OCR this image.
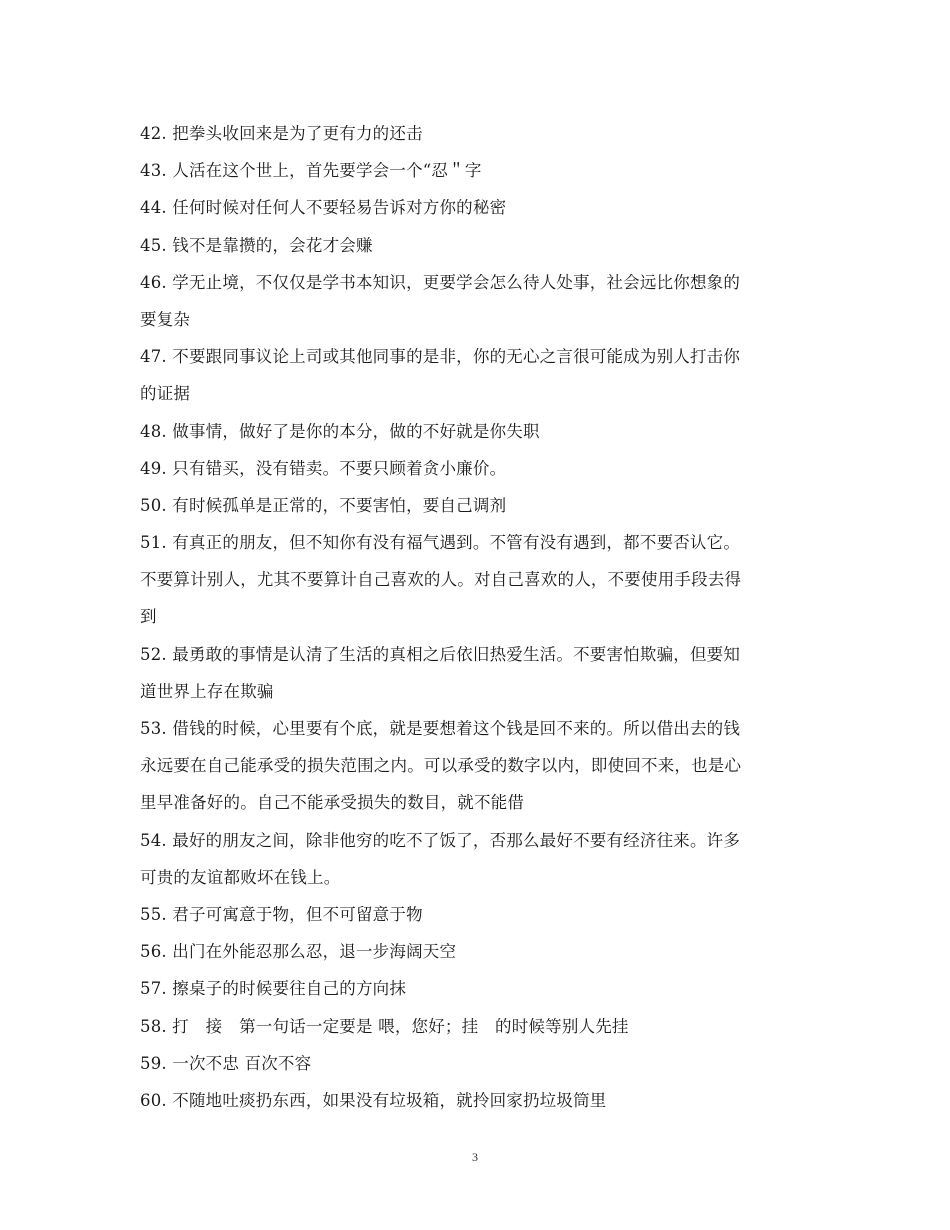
42. 把拳头收回来是为了更有力的还击
43. 人活在这个世上，首先要学会一个“忍＂字
44. 任何时候对任何人不要轻易告诉对方你的秘密
45. 钱不是靠攒的，会花才会赚
46. 学无止境，不仅仅是学书本知识，更要学会怎么待人处事，社会远比你想象的
要复杂
47. 不要跟同事议论上司或其他同事的是非，你的无心之言很可能成为别人打击你
的证据
48. 做事情，做好了是你的本分，做的不好就是你失职
49. 只有错买，没有错卖。不要只顾着贪小廉价。
50. 有时候孤单是正常的，不要害怕，要自己调剂
51. 有真正的朋友，但不知你有没有福气遇到。不管有没有遇到，都不要否认它。
不要算计别人，尤其不要算计自己喜欢的人。对自己喜欢的人，不要使用手段去得
到
52. 最勇敢的事情是认清了生活的真相之后依旧热爱生活。不要害怕欺骗，但要知
道世界上存在欺骗
53. 借钱的时候，心里要有个底，就是要想着这个钱是回不来的。所以借出去的钱
永远要在自己能承受的损失范围之内。可以承受的数字以内，即使回不来，也是心
里早准备好的。自己不能承受损失的数目，就不能借
54. 最好的朋友之间，除非他穷的吃不了饭了，否那么最好不要有经济往来。许多
可贵的友谊都败坏在钱上。
55. 君子可寓意于物，但不可留意于物
56. 出门在外能忍那么忍，退一步海阔天空
57. 擦桌子的时候要往自己的方向抹
58. 打　接　第一句话一定要是 喂，您好；挂　的时候等别人先挂
59. 一次不忠 百次不容
60. 不随地吐痰扔东西，如果没有垃圾箱，就拎回家扔垃圾筒里
3
